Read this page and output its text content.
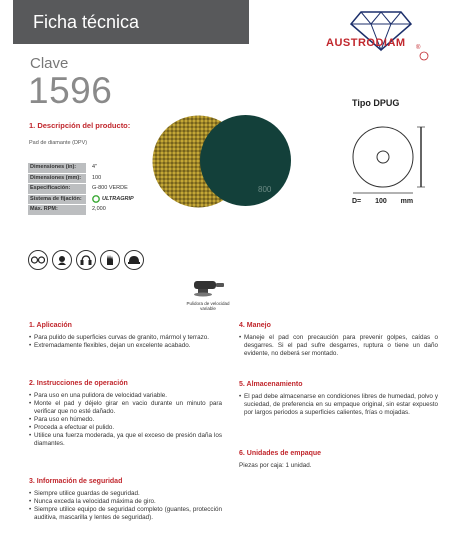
Ficha técnica
AUSTRODIAM ®
Clave
1596
1. Descripción del producto:
Pad de diamante (DPV)
Dimensiones (in):	4"
Dimensiones (mm):	100
Especificación:	G-800 VERDE
Sistema de fijación:	ULTRAGRIP
Máx. RPM:	2,000
800
Tipo DPUG
D= 100 mm
Pulidora de velocidad variable
1. Aplicación
• Para pulido de superficies curvas de granito, mármol y terrazo.
• Extremadamente flexibles, dejan un excelente acabado.
2. Instrucciones de operación
• Para uso en una pulidora de velocidad variable.
• Monte el pad y déjelo girar en vacio durante un minuto para verificar que no esté dañado.
• Para uso en húmedo.
• Proceda a efectuar el pulido.
• Utilice una fuerza moderada, ya que el exceso de presión daña los diamantes.
3. Información de seguridad
• Siempre utilice guardas de seguridad.
• Nunca exceda la velocidad máxima de giro.
• Siempre utilice equipo de seguridad completo (guantes, protección auditiva, mascarilla y lentes de seguridad).
4. Manejo
• Maneje el pad con precaución para prevenir golpes, caídas o desgarres. Si el pad sufre desgarres, ruptura o tiene un daño evidente, no deberá ser montado.
5. Almacenamiento
• El pad debe almacenarse en condiciones libres de humedad, polvo y suciedad, de preferencia en su empaque original, sin estar expuesto por largos periodos a superficies calientes, frías o mojadas.
6. Unidades de empaque
Piezas por caja: 1 unidad.
